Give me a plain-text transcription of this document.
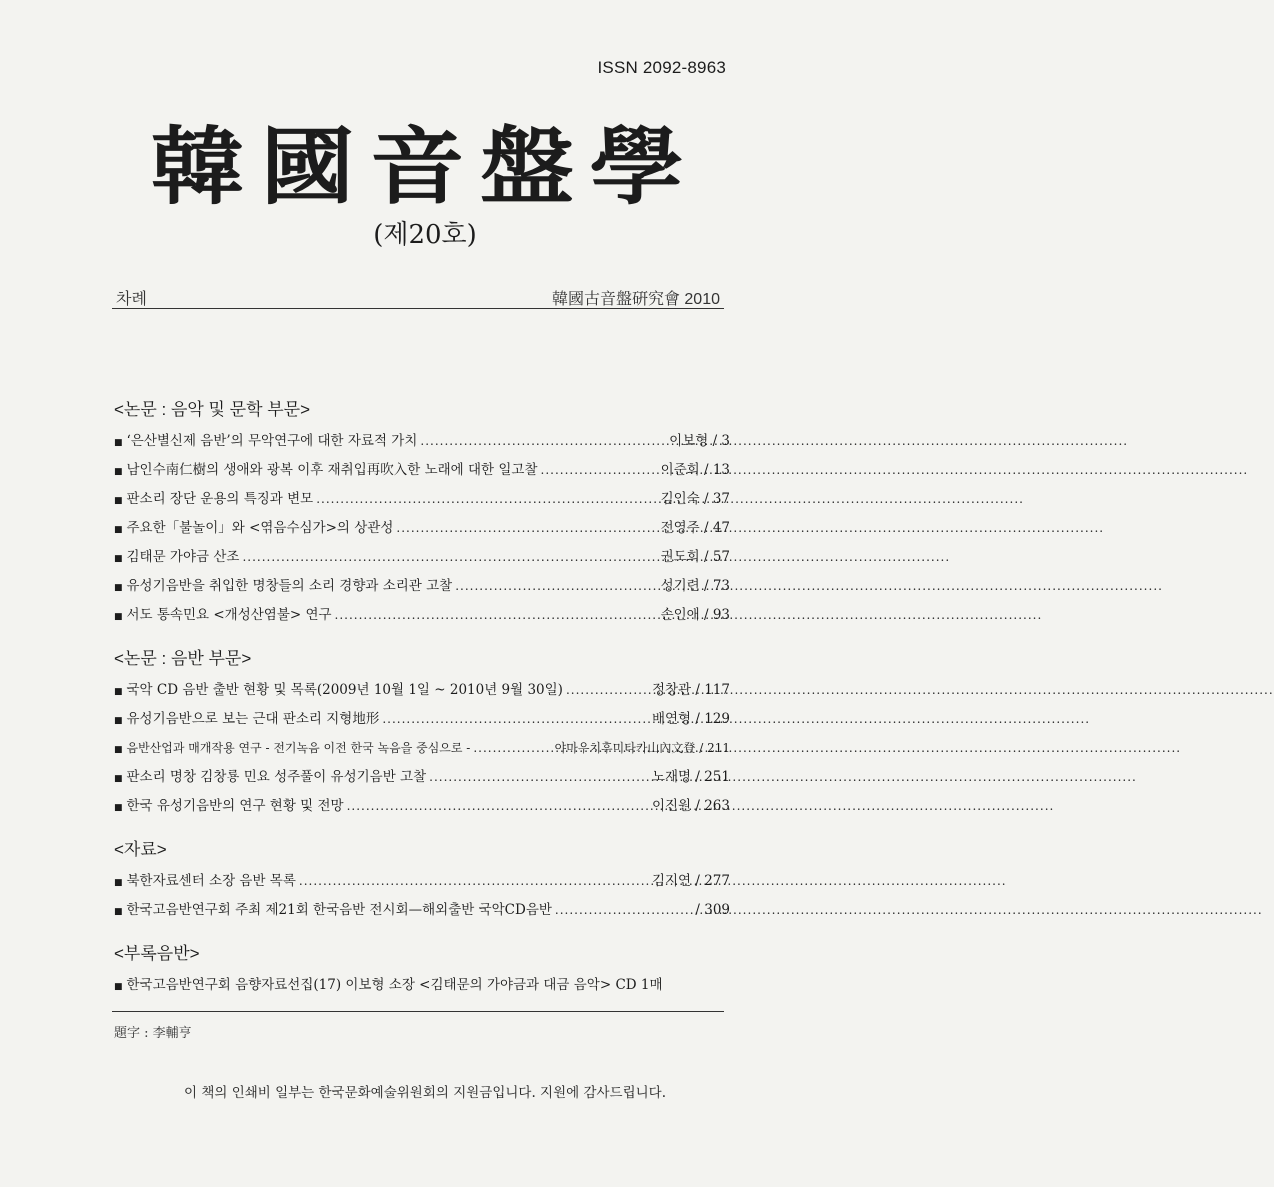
ISSN 2092-8963
韓國音盤學
(제20호)
차례	韓國古音盤硏究會 2010
<논문 : 음악 및 문학 부문>
■ ‘은산별신제 음반’의 무악연구에 대한 자료적 가치 .....	이보형 / 3
■ 남인수南仁樹의 생애와 광복 이후 재취입再吹入한 노래에 대한 일고찰 .....	이준희 / 13
■ 판소리 장단 운용의 특징과 변모 .....	김인숙 / 37
■ 주요한「불놀이」와 <엮음수심가>의 상관성 .....	전영주 / 47
■ 김태문 가야금 산조 .....	권도희 / 57
■ 유성기음반을 취입한 명창들의 소리 경향과 소리관 고찰 .....	성기련 / 73
■ 서도 통속민요 <개성산염불> 연구 .....	손인애 / 93
<논문 : 음반 부문>
■ 국악 CD 음반 출반 현황 및 목록(2009년 10월 1일 ~ 2010년 9월 30일) .....	정창관 / 117
■ 유성기음반으로 보는 근대 판소리 지형地形 .....	배연형 / 129
■ 음반산업과 매개작용 연구 - 전기녹음 이전 한국 녹음을 중심으로 - .....	야마우치후미타카山內文登 / 211
■ 판소리 명창 김창룡 민요 성주풀이 유성기음반 고찰 .....	노재명 / 251
■ 한국 유성기음반의 연구 현황 및 전망 .....	이진원 / 263
<자료>
■ 북한자료센터 소장 음반 목록 .....	김지연 / 277
■ 한국고음반연구회 주최 제21회 한국음반 전시회—해외출반 국악CD음반 .....	/ 309
<부록음반>
■ 한국고음반연구회 음향자료선집(17) 이보형 소장 <김태문의 가야금과 대금 음악> CD 1매
題字 : 李輔亨
이 책의 인쇄비 일부는 한국문화예술위원회의 지원금입니다. 지원에 감사드립니다.
